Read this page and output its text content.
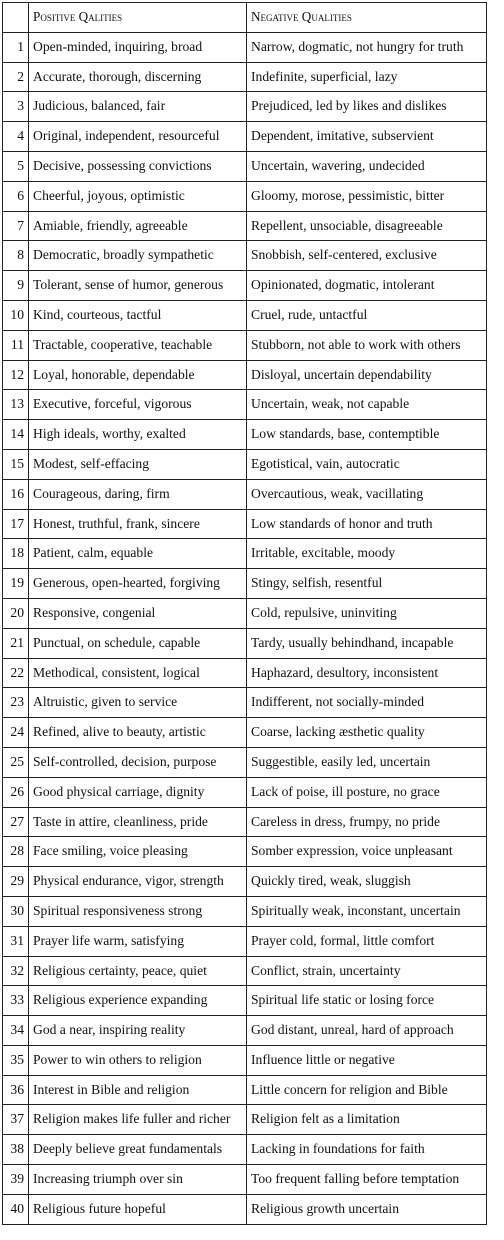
	Positive Qalities	Negative Qualities
1	Open-minded, inquiring, broad	Narrow, dogmatic, not hungry for truth
2	Accurate, thorough, discerning	Indefinite, superficial, lazy
3	Judicious, balanced, fair	Prejudiced, led by likes and dislikes
4	Original, independent, resourceful	Dependent, imitative, subservient
5	Decisive, possessing convictions	Uncertain, wavering, undecided
6	Cheerful, joyous, optimistic	Gloomy, morose, pessimistic, bitter
7	Amiable, friendly, agreeable	Repellent, unsociable, disagreeable
8	Democratic, broadly sympathetic	Snobbish, self-centered, exclusive
9	Tolerant, sense of humor, generous	Opinionated, dogmatic, intolerant
10	Kind, courteous, tactful	Cruel, rude, untactful
11	Tractable, cooperative, teachable	Stubborn, not able to work with others
12	Loyal, honorable, dependable	Disloyal, uncertain dependability
13	Executive, forceful, vigorous	Uncertain, weak, not capable
14	High ideals, worthy, exalted	Low standards, base, contemptible
15	Modest, self-effacing	Egotistical, vain, autocratic
16	Courageous, daring, firm	Overcautious, weak, vacillating
17	Honest, truthful, frank, sincere	Low standards of honor and truth
18	Patient, calm, equable	Irritable, excitable, moody
19	Generous, open-hearted, forgiving	Stingy, selfish, resentful
20	Responsive, congenial	Cold, repulsive, uninviting
21	Punctual, on schedule, capable	Tardy, usually behindhand, incapable
22	Methodical, consistent, logical	Haphazard, desultory, inconsistent
23	Altruistic, given to service	Indifferent, not socially-minded
24	Refined, alive to beauty, artistic	Coarse, lacking æsthetic quality
25	Self-controlled, decision, purpose	Suggestible, easily led, uncertain
26	Good physical carriage, dignity	Lack of poise, ill posture, no grace
27	Taste in attire, cleanliness, pride	Careless in dress, frumpy, no pride
28	Face smiling, voice pleasing	Somber expression, voice unpleasant
29	Physical endurance, vigor, strength	Quickly tired, weak, sluggish
30	Spiritual responsiveness strong	Spiritually weak, inconstant, uncertain
31	Prayer life warm, satisfying	Prayer cold, formal, little comfort
32	Religious certainty, peace, quiet	Conflict, strain, uncertainty
33	Religious experience expanding	Spiritual life static or losing force
34	God a near, inspiring reality	God distant, unreal, hard of approach
35	Power to win others to religion	Influence little or negative
36	Interest in Bible and religion	Little concern for religion and Bible
37	Religion makes life fuller and richer	Religion felt as a limitation
38	Deeply believe great fundamentals	Lacking in foundations for faith
39	Increasing triumph over sin	Too frequent falling before temptation
40	Religious future hopeful	Religious growth uncertain
